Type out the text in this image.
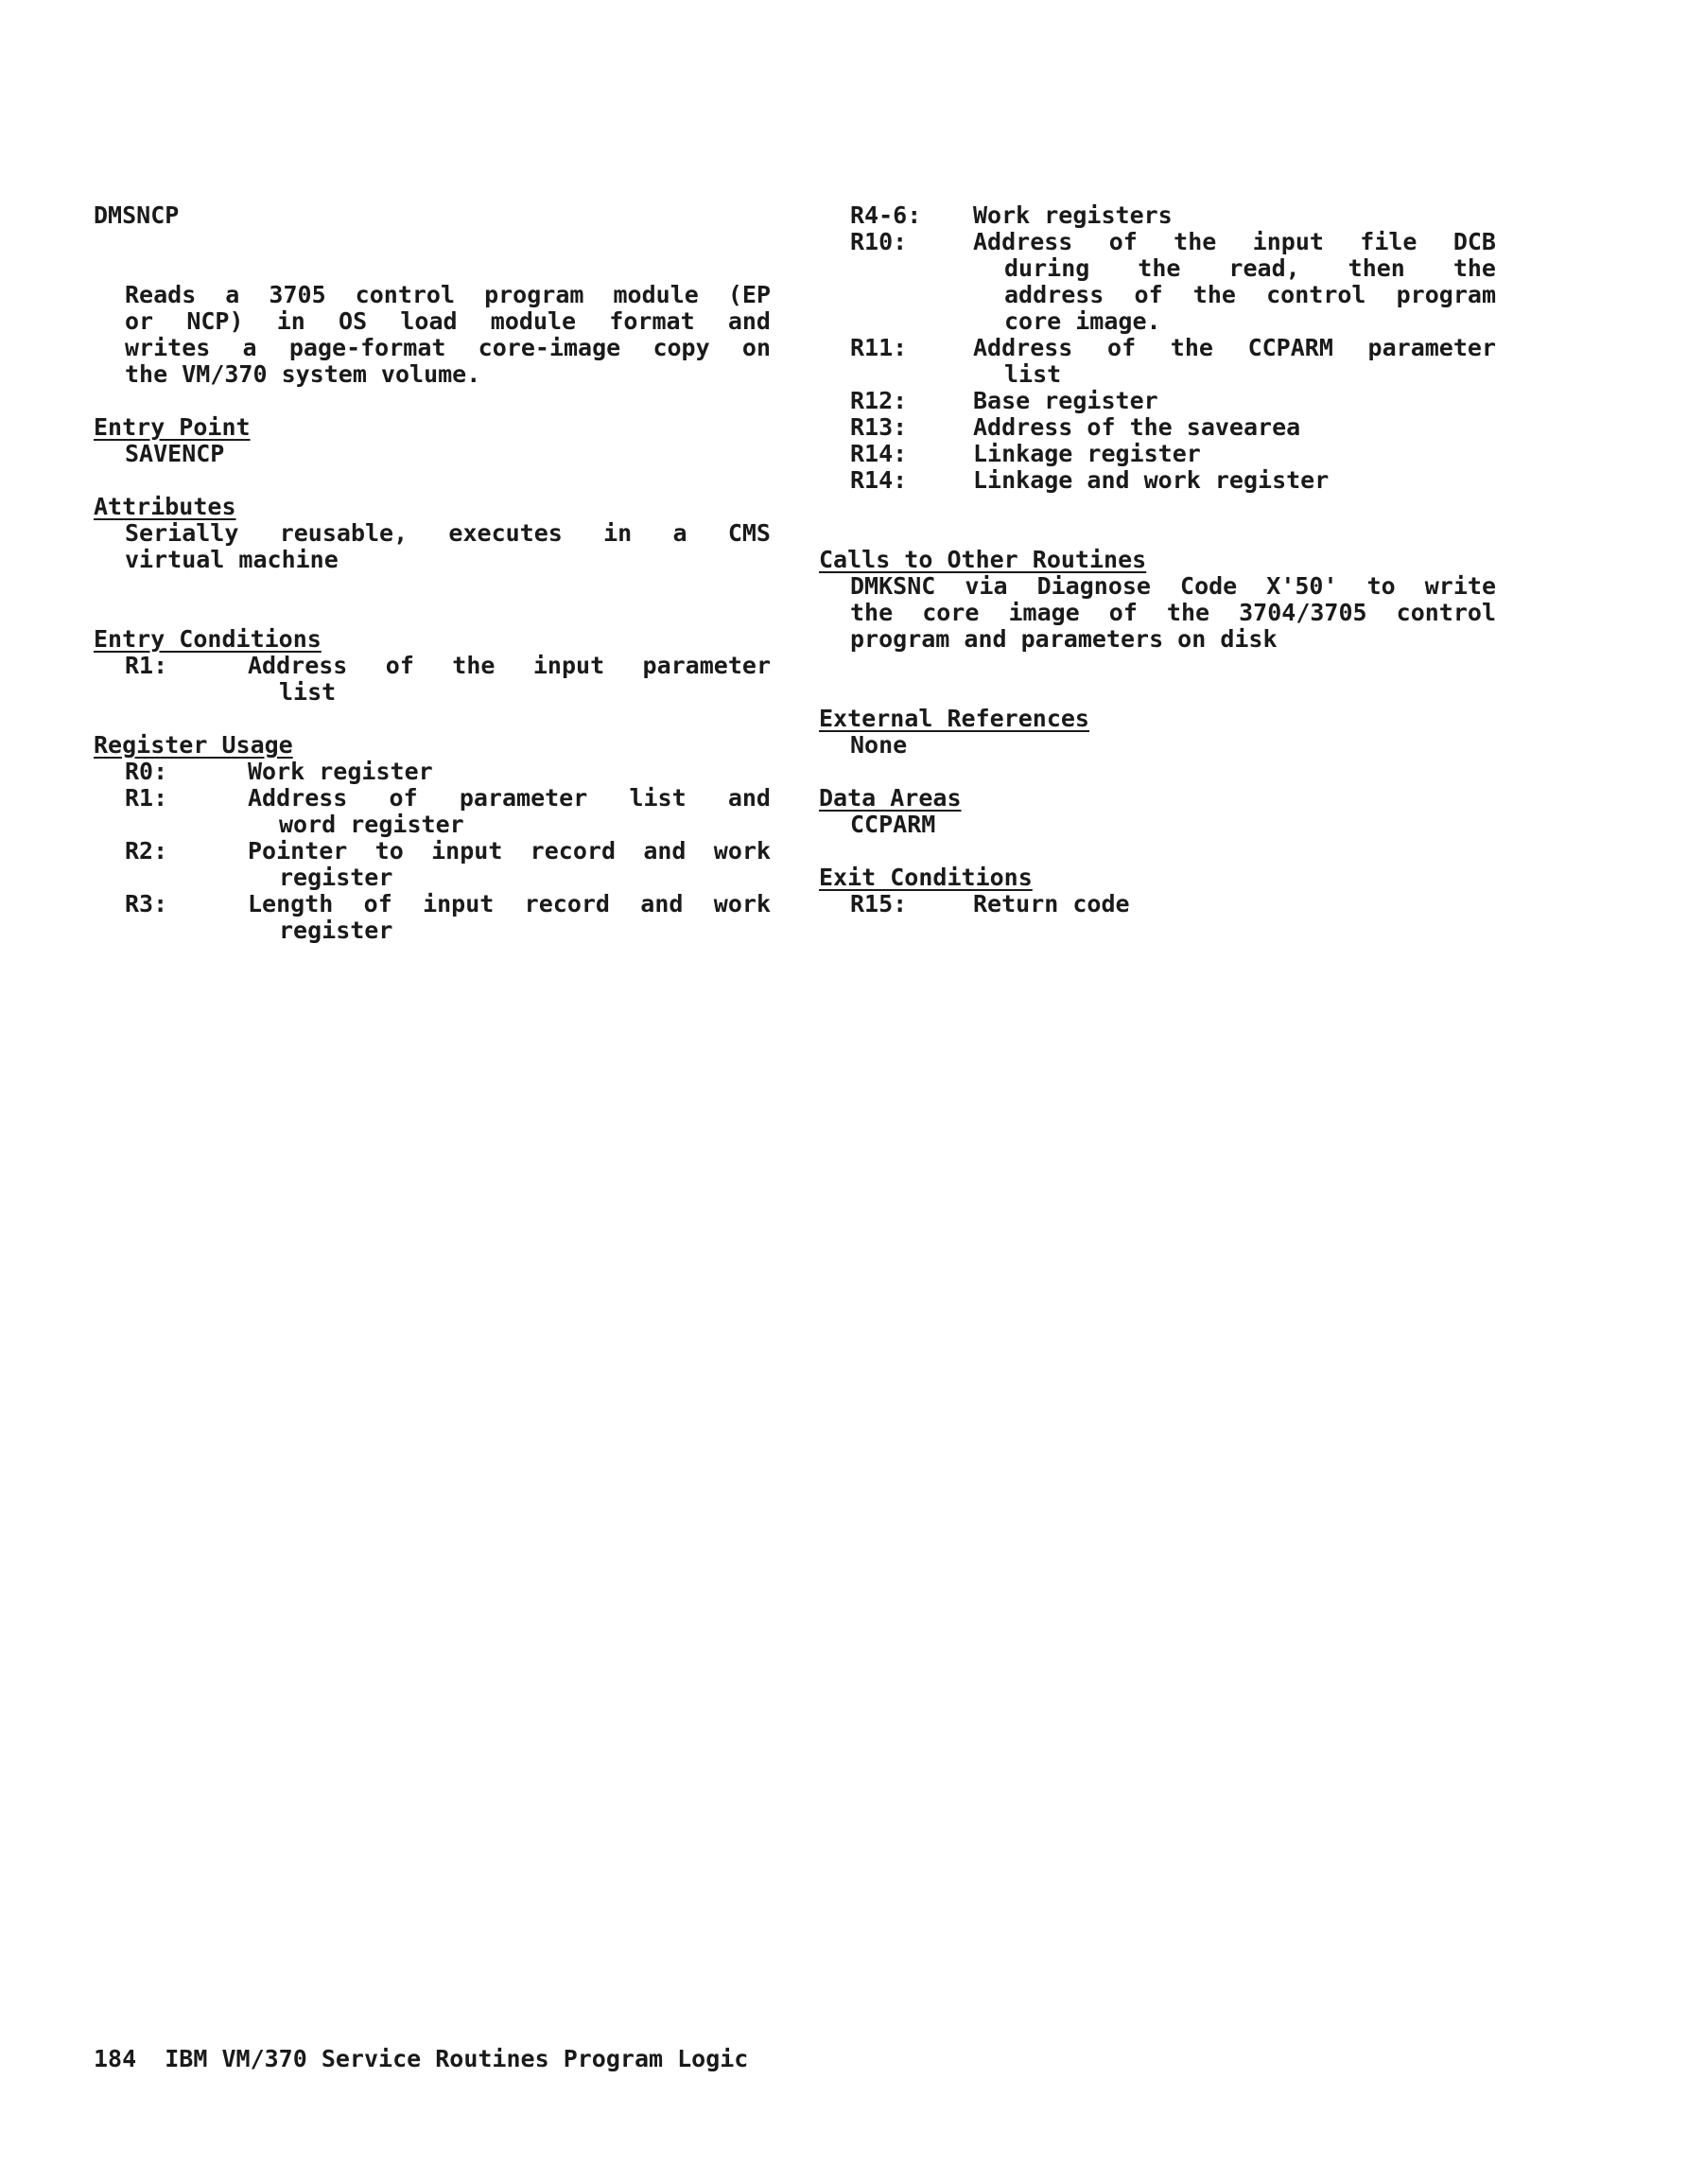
DMSNCP
Reads a 3705 control program module (EP
or NCP) in OS load module format and
writes a page-format core-image copy on
the VM/370 system volume.
Entry Point
SAVENCP
Attributes
Serially reusable, executes in a CMS
virtual machine
Entry Conditions
R1:	Address of the input parameter
list
Register Usage
R0:	Work register
R1:	Address of parameter list and
word register
R2:	Pointer to input record and work
register
R3:	Length of input record and work
register
R4-6:	Work registers
R10:	Address of the input file DCB
during the read, then the
address of the control program
core image.
R11:	Address of the CCPARM parameter
list
R12:	Base register
R13:	Address of the savearea
R14:	Linkage register
R14:	Linkage and work register
Calls to Other Routines
DMKSNC via Diagnose Code X'50' to write
the core image of the 3704/3705 control
program and parameters on disk
External References
None
Data Areas
CCPARM
Exit Conditions
R15:	Return code
184  IBM VM/370 Service Routines Program Logic
